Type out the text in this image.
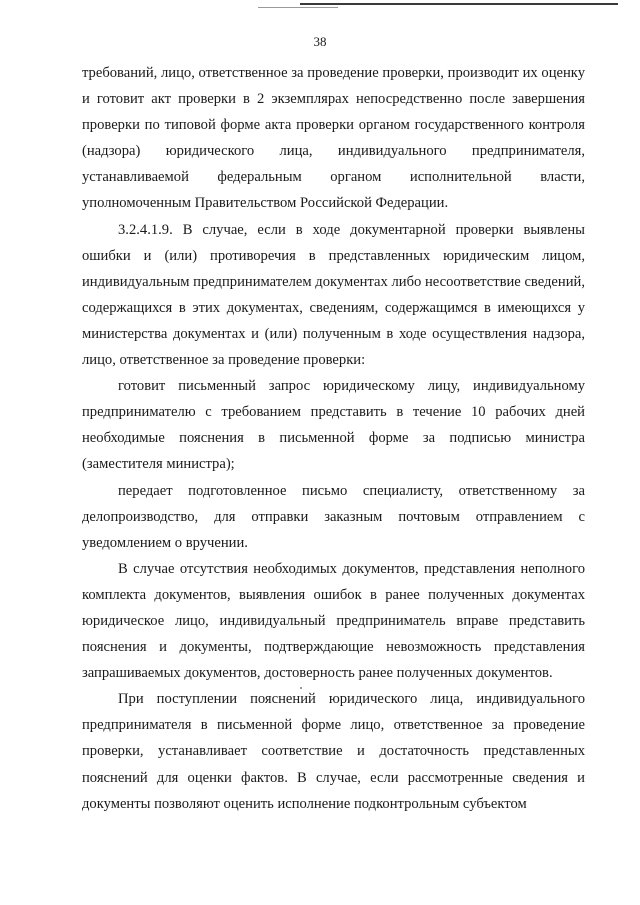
38

требований, лицо, ответственное за проведение проверки, производит их оценку и готовит акт проверки в 2 экземплярах непосредственно после завершения проверки по типовой форме акта проверки органом государственного контроля (надзора) юридического лица, индивидуального предпринимателя, устанавливаемой федеральным органом исполнительной власти, уполномоченным Правительством Российской Федерации.

3.2.4.1.9. В случае, если в ходе документарной проверки выявлены ошибки и (или) противоречия в представленных юридическим лицом, индивидуальным предпринимателем документах либо несоответствие сведений, содержащихся в этих документах, сведениям, содержащимся в имеющихся у министерства документах и (или) полученным в ходе осуществления надзора, лицо, ответственное за проведение проверки:

готовит письменный запрос юридическому лицу, индивидуальному предпринимателю с требованием представить в течение 10 рабочих дней необходимые пояснения в письменной форме за подписью министра (заместителя министра);

передает подготовленное письмо специалисту, ответственному за делопроизводство, для отправки заказным почтовым отправлением с уведомлением о вручении.

В случае отсутствия необходимых документов, представления неполного комплекта документов, выявления ошибок в ранее полученных документах юридическое лицо, индивидуальный предприниматель вправе представить пояснения и документы, подтверждающие невозможность представления запрашиваемых документов, достоверность ранее полученных документов.

При поступлении пояснений юридического лица, индивидуального предпринимателя в письменной форме лицо, ответственное за проведение проверки, устанавливает соответствие и достаточность представленных пояснений для оценки фактов. В случае, если рассмотренные сведения и документы позволяют оценить исполнение подконтрольным субъектом
